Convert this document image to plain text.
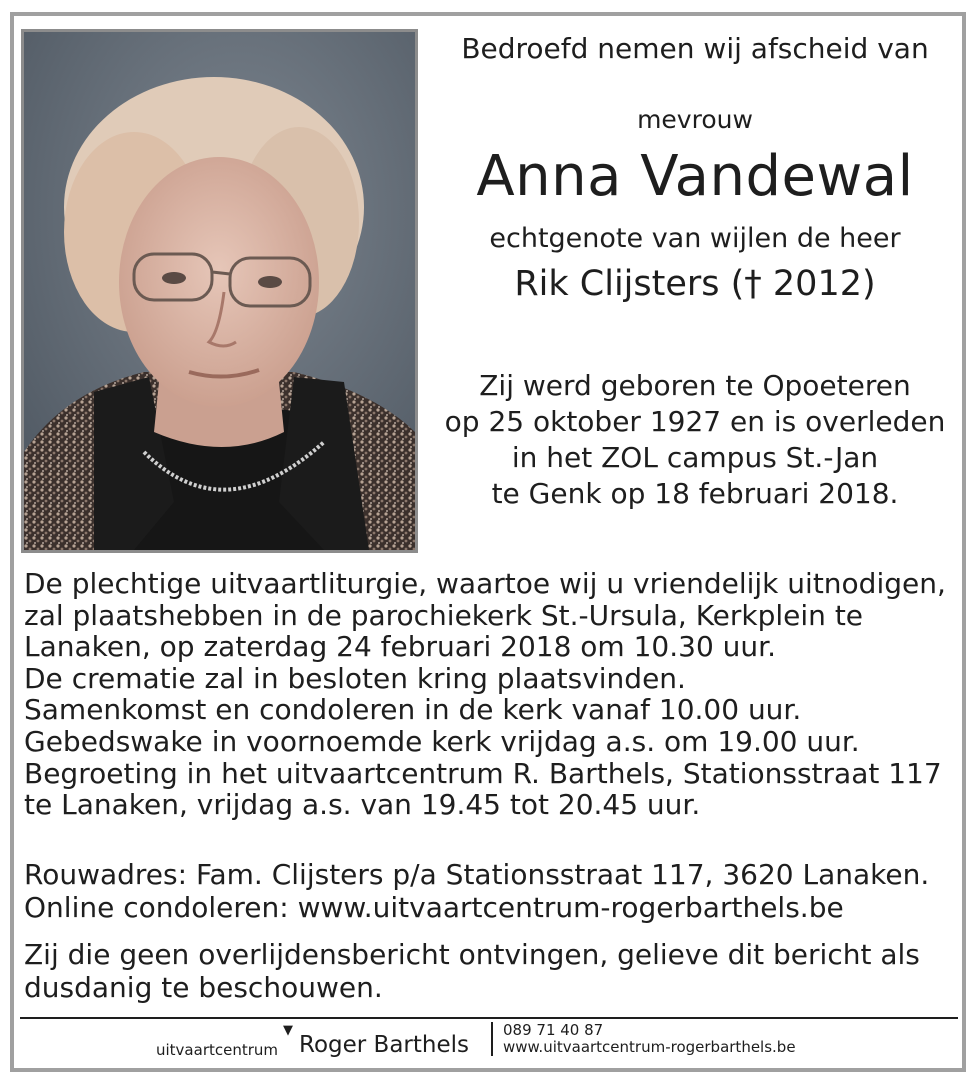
Bedroefd nemen wij afscheid van
mevrouw
Anna Vandewal
echtgenote van wijlen de heer
Rik Clijsters († 2012)
Zij werd geboren te Opoeteren
op 25 oktober 1927 en is overleden
in het ZOL campus St.-Jan
te Genk op 18 februari 2018.
De plechtige uitvaartliturgie, waartoe wij u vriendelijk uitnodigen,
zal plaatshebben in de parochiekerk St.-Ursula, Kerkplein te
Lanaken, op zaterdag 24 februari 2018 om 10.30 uur.
De crematie zal in besloten kring plaatsvinden.
Samenkomst en condoleren in de kerk vanaf 10.00 uur.
Gebedswake in voornoemde kerk vrijdag a.s. om 19.00 uur.
Begroeting in het uitvaartcentrum R. Barthels, Stationsstraat 117
te Lanaken, vrijdag a.s. van 19.45 tot 20.45 uur.
Rouwadres: Fam. Clijsters p/a Stationsstraat 117, 3620 Lanaken.
Online condoleren: www.uitvaartcentrum-rogerbarthels.be
Zij die geen overlijdensbericht ontvingen, gelieve dit bericht als
dusdanig te beschouwen.
uitvaartcentrum
▼
Roger Barthels
089 71 40 87
www.uitvaartcentrum-rogerbarthels.be
